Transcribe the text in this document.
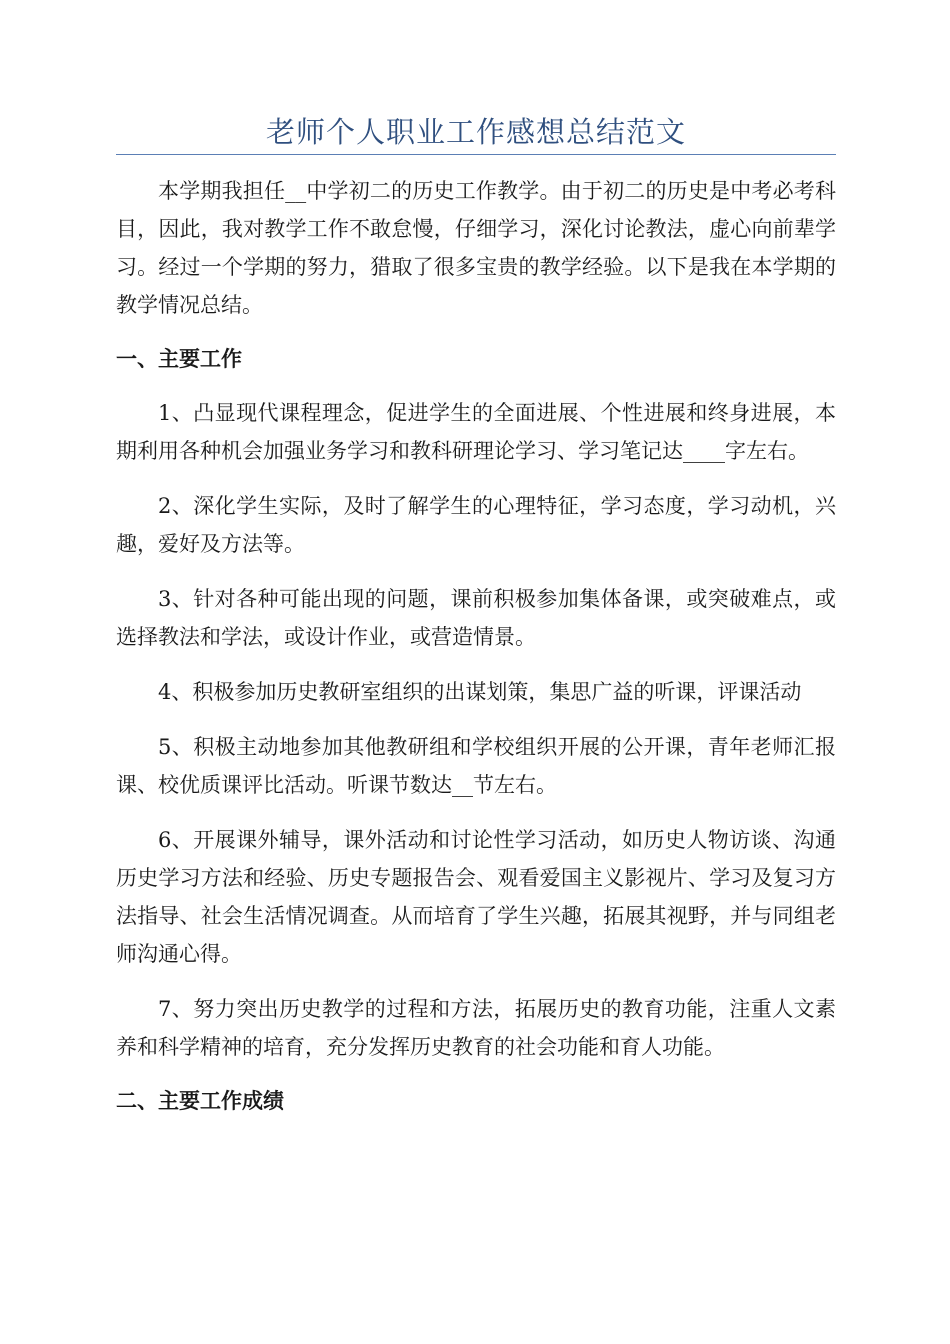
老师个人职业工作感想总结范文

本学期我担任__中学初二的历史工作教学。由于初二的历史是中考必考科目，因此，我对教学工作不敢怠慢，仔细学习，深化讨论教法，虚心向前辈学习。经过一个学期的努力，猎取了很多宝贵的教学经验。以下是我在本学期的教学情况总结。

一、主要工作

1、凸显现代课程理念，促进学生的全面进展、个性进展和终身进展，本期利用各种机会加强业务学习和教科研理论学习、学习笔记达____字左右。

2、深化学生实际，及时了解学生的心理特征，学习态度，学习动机，兴趣，爱好及方法等。

3、针对各种可能出现的问题，课前积极参加集体备课，或突破难点，或选择教法和学法，或设计作业，或营造情景。

4、积极参加历史教研室组织的出谋划策，集思广益的听课，评课活动

5、积极主动地参加其他教研组和学校组织开展的公开课，青年老师汇报课、校优质课评比活动。听课节数达__节左右。

6、开展课外辅导，课外活动和讨论性学习活动，如历史人物访谈、沟通历史学习方法和经验、历史专题报告会、观看爱国主义影视片、学习及复习方法指导、社会生活情况调查。从而培育了学生兴趣，拓展其视野，并与同组老师沟通心得。

7、努力突出历史教学的过程和方法，拓展历史的教育功能，注重人文素养和科学精神的培育，充分发挥历史教育的社会功能和育人功能。

二、主要工作成绩
